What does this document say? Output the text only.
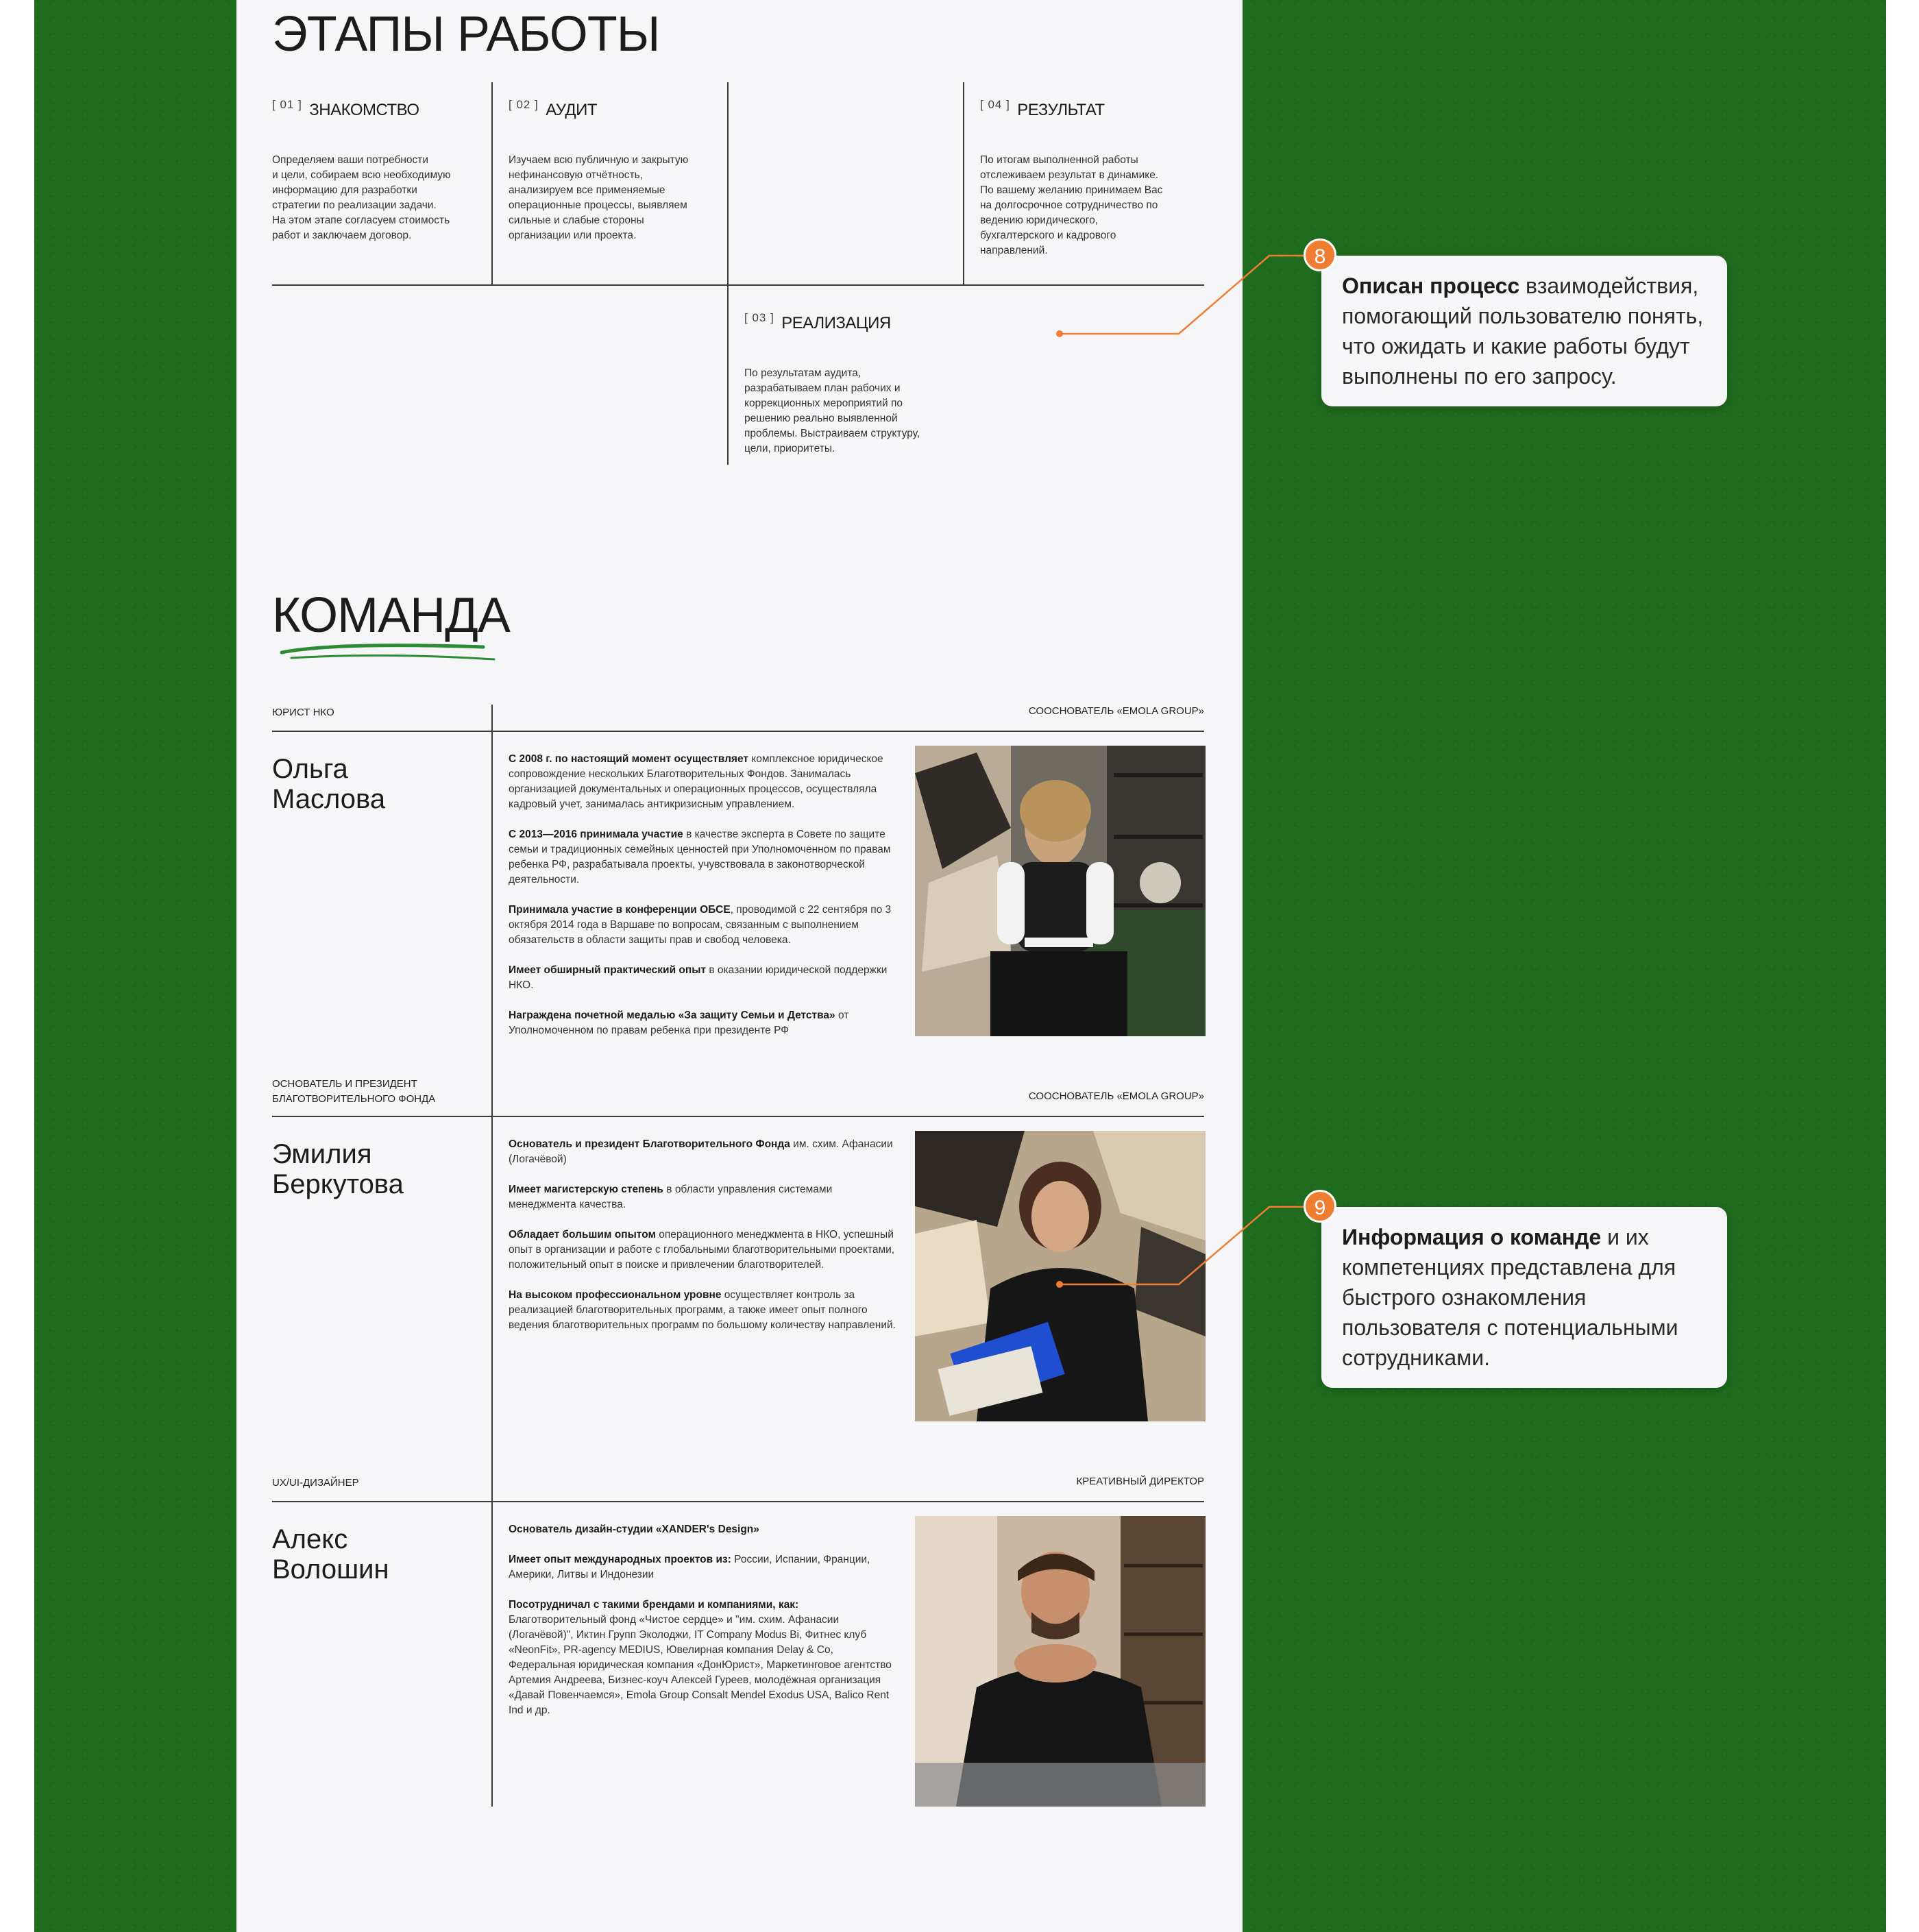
ЭТАПЫ РАБОТЫ
[ 01 ] ЗНАКОМСТВО
Определяем ваши потребности
и цели, собираем всю необходимую
информацию для разработки
стратегии по реализации задачи.
На этом этапе согласуем стоимость
работ и заключаем договор.
[ 02 ] АУДИТ
Изучаем всю публичную и закрытую
нефинансовую отчётность,
анализируем все применяемые
операционные процессы, выявляем
сильные и слабые стороны
организации или проекта.
[ 03 ] РЕАЛИЗАЦИЯ
По результатам аудита,
разрабатываем план рабочих и
коррекционных мероприятий по
решению реально выявленной
проблемы. Выстраиваем структуру,
цели, приоритеты.
[ 04 ] РЕЗУЛЬТАТ
По итогам выполненной работы
отслеживаем результат в динамике.
По вашему желанию принимаем Вас
на долгосрочное сотрудничество по
ведению юридического,
бухгалтерского и кадрового
направлений.
КОМАНДА
ЮРИСТ НКО	СООСНОВАТЕЛЬ «EMOLA GROUP»
Ольга
Маслова

С 2008 г. по настоящий момент осуществляет комплексное юридическое сопровождение нескольких Благотворительных Фондов. Занималась организацией документальных и операционных процессов, осуществляла кадровый учет, занималась антикризисным управлением.

С 2013—2016 принимала участие в качестве эксперта в Совете по защите семьи и традиционных семейных ценностей при Уполномоченном по правам ребенка РФ, разрабатывала проекты, учувствовала в законотворческой деятельности.

Принимала участие в конференции ОБСЕ, проводимой с 22 сентября по 3 октября 2014 года в Варшаве по вопросам, связанным с выполнением обязательств в области защиты прав и свобод человека.

Имеет обширный практический опыт в оказании юридической поддержки НКО.

Награждена почетной медалью «За защиту Семьи и Детства» от Уполномоченном по правам ребенка при президенте РФ

ОСНОВАТЕЛЬ И ПРЕЗИДЕНТ
БЛАГОТВОРИТЕЛЬНОГО ФОНДА	СООСНОВАТЕЛЬ «EMOLA GROUP»
Эмилия
Беркутова

Основатель и президент Благотворительного Фонда им. схим. Афанасии (Логачёвой)

Имеет магистерскую степень в области управления системами менеджмента качества.

Обладает большим опытом операционного менеджмента в НКО, успешный опыт в организации и работе с глобальными благотворительными проектами, положительный опыт в поиске и привлечении благотворителей.

На высоком профессиональном уровне осуществляет контроль за реализацией благотворительных программ, а также имеет опыт полного ведения благотворительных программ по большому количеству направлений.

UX/UI-ДИЗАЙНЕР	КРЕАТИВНЫЙ ДИРЕКТОР
Алекс
Волошин

Основатель дизайн-студии «XANDER's Design»

Имеет опыт международных проектов из: России, Испании, Франции, Америки, Литвы и Индонезии

Посотрудничал с такими брендами и компаниями, как: Благотворительный фонд «Чистое сердце» и "им. схим. Афанасии (Логачёвой)", Иктин Групп Эколоджи, IT Company Modus Bi, Фитнес клуб «NeonFit», PR-agency MEDIUS, Ювелирная компания Delay & Co, Федеральная юридическая компания «ДонЮрист», Маркетинговое агентство Артемия Андреева, Бизнес-коуч Алексей Гуреев, молодёжная организация «Давай Повенчаемся», Emola Group Consalt Mendel Exodus USA, Balico Rent Ind и др.

Описан процесс взаимодействия, помогающий пользователю понять, что ожидать и какие работы будут выполнены по его запросу.
8
Информация о команде и их компетенциях представлена для быстрого ознакомления пользователя с потенциальными сотрудниками.
9
